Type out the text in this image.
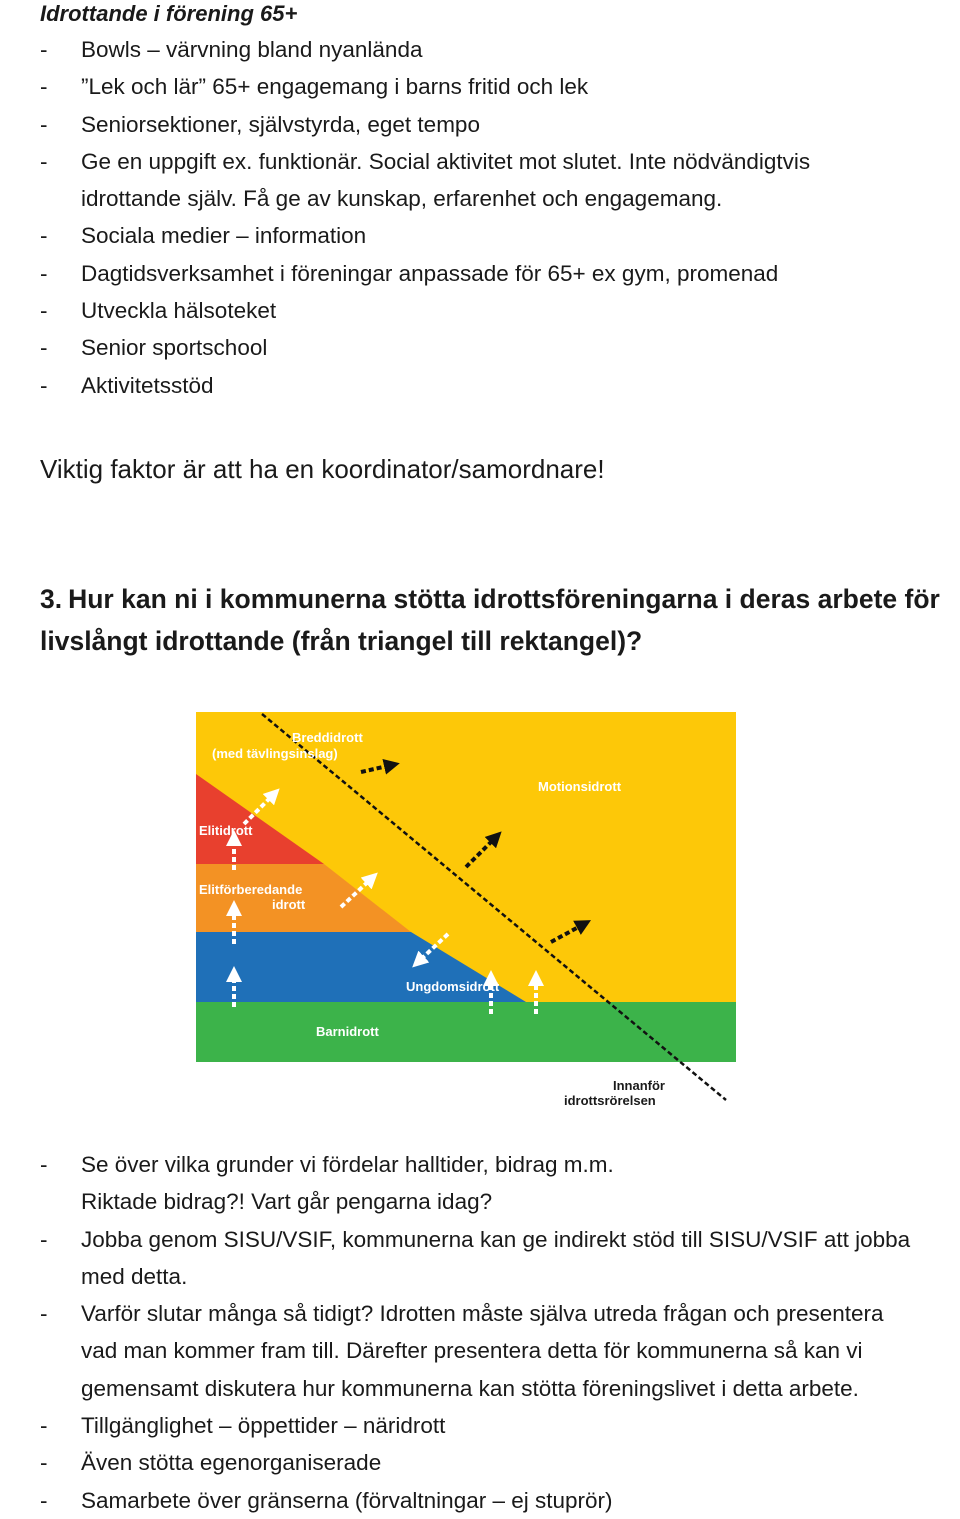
Idrottande i förening 65+
- Bowls – värvning bland nyanlända
- ”Lek och lär” 65+ engagemang i barns fritid och lek
- Seniorsektioner, självstyrda, eget tempo
- Ge en uppgift ex. funktionär. Social aktivitet mot slutet. Inte nödvändigtvis
idrottande själv. Få ge av kunskap, erfarenhet och engagemang.
- Sociala medier – information
- Dagtidsverksamhet i föreningar anpassade för 65+ ex gym, promenad
- Utveckla hälsoteket
- Senior sportschool
- Aktivitetsstöd
Viktig faktor är att ha en koordinator/samordnare!
3. Hur kan ni i kommunerna stötta idrottsföreningarna i deras arbete för livslångt idrottande (från triangel till rektangel)?
Breddidrott
(med tävlingsinslag)
Motionsidrott
Elitidrott
Elitförberedande
idrott
Ungdomsidrott
Barnidrott
Innanför
idrottsrörelsen
- Se över vilka grunder vi fördelar halltider, bidrag m.m.
Riktade bidrag?! Vart går pengarna idag?
- Jobba genom SISU/VSIF, kommunerna kan ge indirekt stöd till SISU/VSIF att jobba
med detta.
- Varför slutar många så tidigt? Idrotten måste själva utreda frågan och presentera
vad man kommer fram till. Därefter presentera detta för kommunerna så kan vi
gemensamt diskutera hur kommunerna kan stötta föreningslivet i detta arbete.
- Tillgänglighet – öppettider – näridrott
- Även stötta egenorganiserade
- Samarbete över gränserna (förvaltningar – ej stuprör)
